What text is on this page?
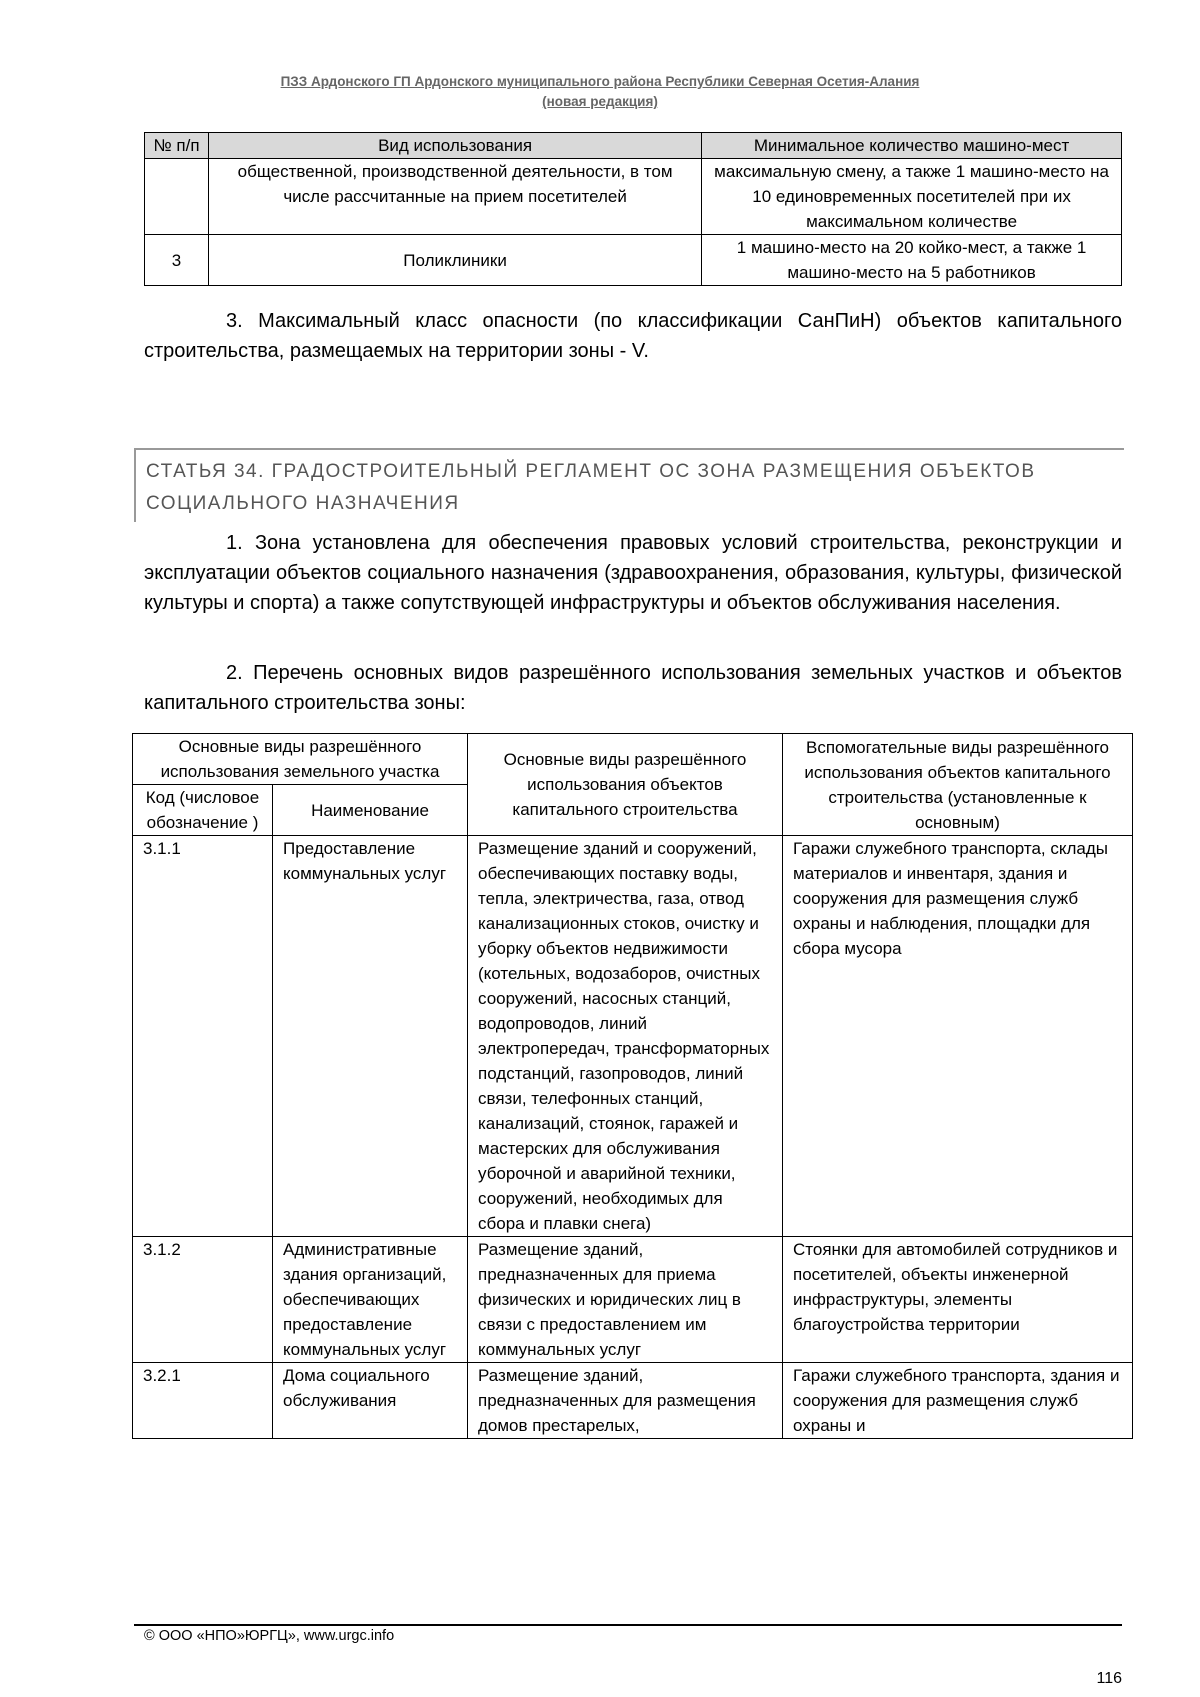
ПЗЗ Ардонского ГП Ардонского муниципального района Республики Северная Осетия-Алания
(новая редакция)
№ п/п	Вид использования	Минимальное количество машино-мест
	общественной, производственной деятельности, в том числе рассчитанные на прием посетителей	максимальную смену, а также 1 машино-место на 10 единовременных посетителей при их максимальном количестве
3	Поликлиники	1 машино-место на 20 койко-мест, а также 1 машино-место на 5 работников
3. Максимальный класс опасности (по классификации СанПиН) объектов капитального строительства, размещаемых на территории зоны - V.
СТАТЬЯ 34. ГРАДОСТРОИТЕЛЬНЫЙ РЕГЛАМЕНТ ОС ЗОНА РАЗМЕЩЕНИЯ ОБЪЕКТОВ
СОЦИАЛЬНОГО НАЗНАЧЕНИЯ
1. Зона установлена для обеспечения правовых условий строительства, реконструкции и эксплуатации объектов социального назначения (здравоохранения, образования, культуры, физической культуры и спорта) а также сопутствующей инфраструктуры и объектов обслуживания населения.
2. Перечень основных видов разрешённого использования земельных участков и объектов капитального строительства зоны:
Основные виды разрешённого использования земельного участка		Основные виды разрешённого использования объектов капитального строительства	Вспомогательные виды разрешённого использования объектов капитального строительства (установленные к основным)
Код (числовое обозначение )	Наименование		
3.1.1	Предоставление коммунальных услуг	Размещение зданий и сооружений, обеспечивающих поставку воды, тепла, электричества, газа, отвод канализационных стоков, очистку и уборку объектов недвижимости (котельных, водозаборов, очистных сооружений, насосных станций, водопроводов, линий электропередач, трансформаторных подстанций, газопроводов, линий связи, телефонных станций, канализаций, стоянок, гаражей и мастерских для обслуживания уборочной и аварийной техники, сооружений, необходимых для сбора и плавки снега)	Гаражи служебного транспорта, склады материалов и инвентаря, здания и сооружения для размещения служб охраны и наблюдения, площадки для сбора мусора
3.1.2	Административные здания организаций, обеспечивающих предоставление коммунальных услуг	Размещение зданий, предназначенных для приема физических и юридических лиц в связи с предоставлением им коммунальных услуг	Стоянки для автомобилей сотрудников и посетителей, объекты инженерной инфраструктуры, элементы благоустройства территории
3.2.1	Дома социального обслуживания	Размещение зданий, предназначенных для размещения домов престарелых,	Гаражи служебного транспорта, здания и сооружения для размещения служб охраны и
© ООО «НПО»ЮРГЦ», www.urgc.info
116
